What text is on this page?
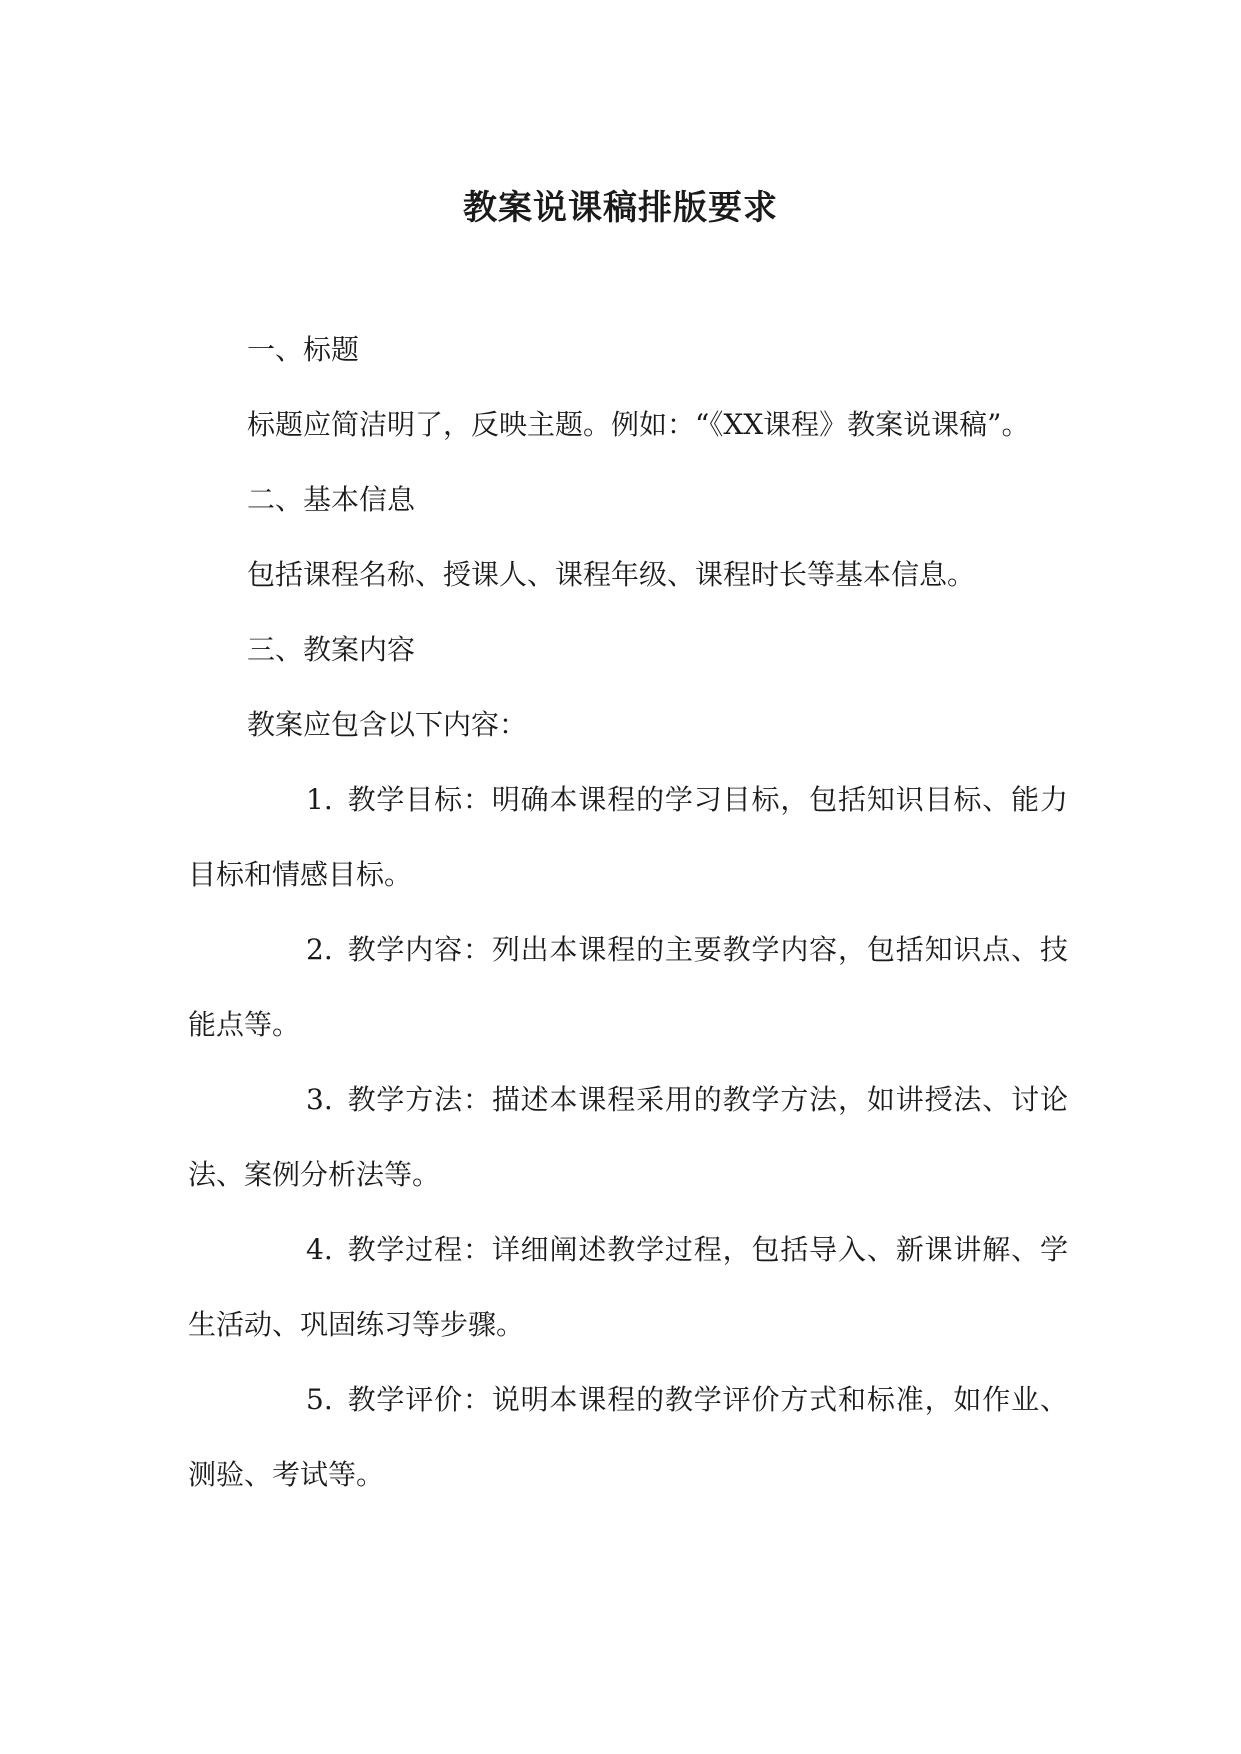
教案说课稿排版要求

一、标题

标题应简洁明了，反映主题。例如：“《XX课程》教案说课稿”。

二、基本信息

包括课程名称、授课人、课程年级、课程时长等基本信息。

三、教案内容

教案应包含以下内容：

1. 教学目标：明确本课程的学习目标，包括知识目标、能力目标和情感目标。

2. 教学内容：列出本课程的主要教学内容，包括知识点、技能点等。

3. 教学方法：描述本课程采用的教学方法，如讲授法、讨论法、案例分析法等。

4. 教学过程：详细阐述教学过程，包括导入、新课讲解、学生活动、巩固练习等步骤。

5. 教学评价：说明本课程的教学评价方式和标准，如作业、测验、考试等。
